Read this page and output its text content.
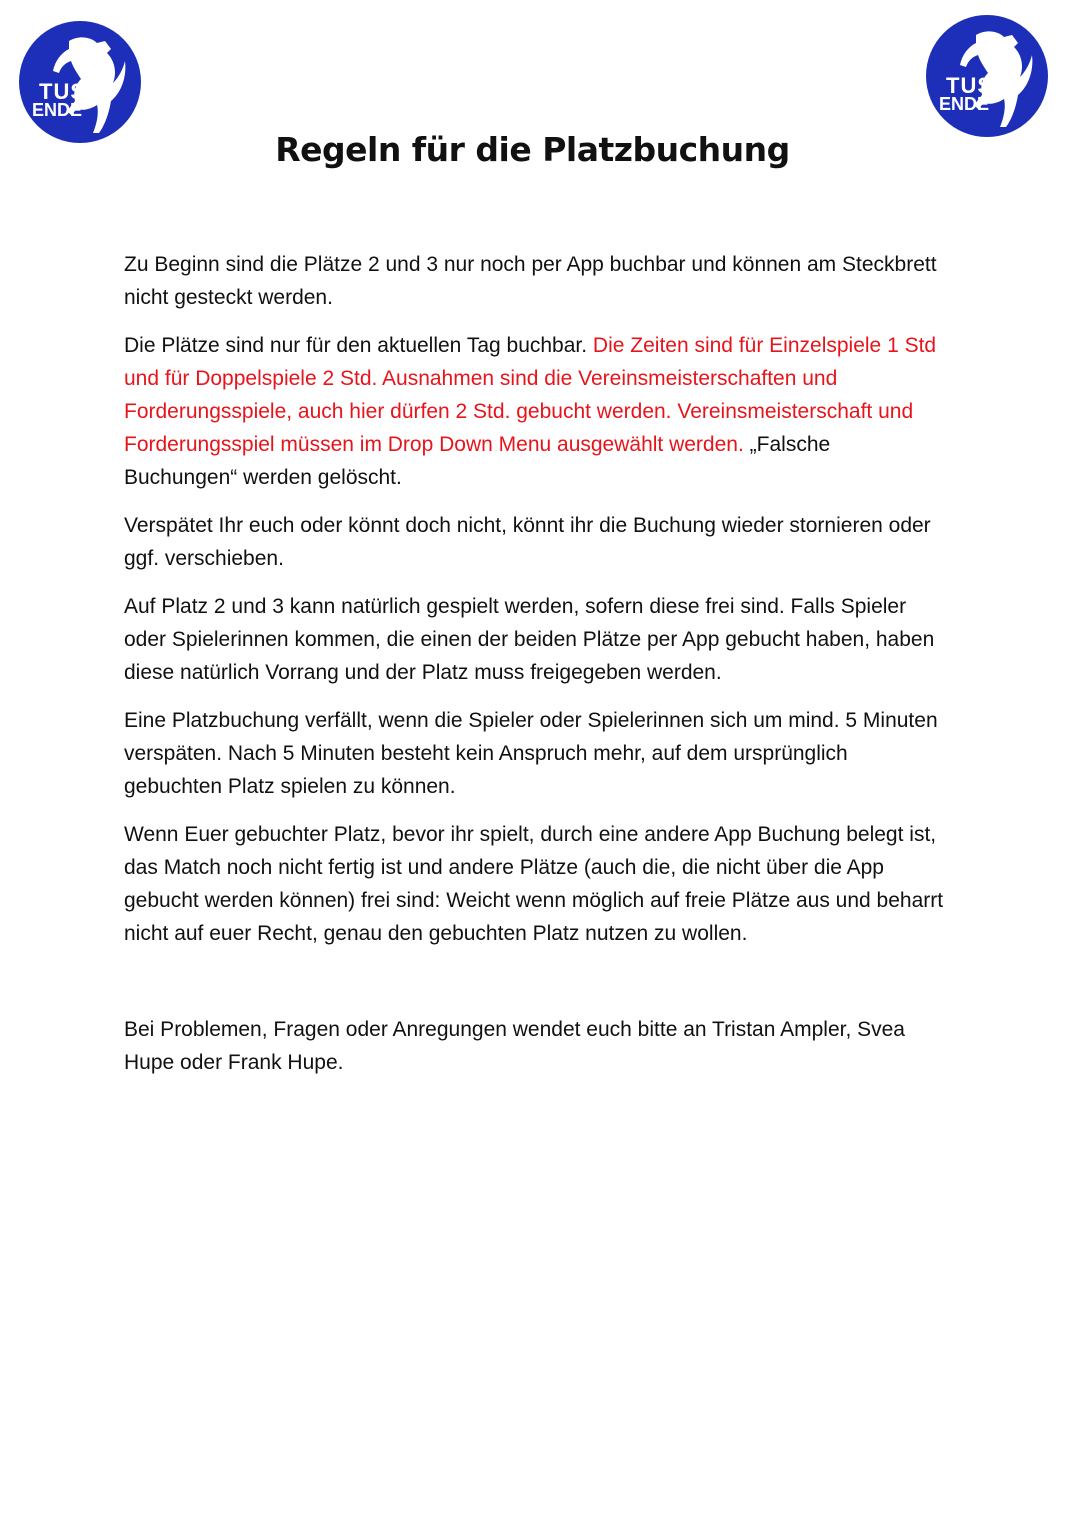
TUS
ENDE
TUS
ENDE
Regeln für die Platzbuchung

Zu Beginn sind die Plätze 2 und 3 nur noch per App buchbar und können am Steckbrett nicht gesteckt werden.

Die Plätze sind nur für den aktuellen Tag buchbar. Die Zeiten sind für Einzelspiele 1 Std und für Doppelspiele 2 Std. Ausnahmen sind die Vereinsmeisterschaften und Forderungsspiele, auch hier dürfen 2 Std. gebucht werden. Vereinsmeisterschaft und Forderungsspiel müssen im Drop Down Menu ausgewählt werden. „Falsche Buchungen“ werden gelöscht.

Verspätet Ihr euch oder könnt doch nicht, könnt ihr die Buchung wieder stornieren oder ggf. verschieben.

Auf Platz 2 und 3 kann natürlich gespielt werden, sofern diese frei sind. Falls Spieler oder Spielerinnen kommen, die einen der beiden Plätze per App gebucht haben, haben diese natürlich Vorrang und der Platz muss freigegeben werden.

Eine Platzbuchung verfällt, wenn die Spieler oder Spielerinnen sich um mind. 5 Minuten verspäten. Nach 5 Minuten besteht kein Anspruch mehr, auf dem ursprünglich gebuchten Platz spielen zu können.

Wenn Euer gebuchter Platz, bevor ihr spielt, durch eine andere App Buchung belegt ist, das Match noch nicht fertig ist und andere Plätze (auch die, die nicht über die App gebucht werden können) frei sind: Weicht wenn möglich auf freie Plätze aus und beharrt nicht auf euer Recht, genau den gebuchten Platz nutzen zu wollen.

Bei Problemen, Fragen oder Anregungen wendet euch bitte an Tristan Ampler, Svea Hupe oder Frank Hupe.
